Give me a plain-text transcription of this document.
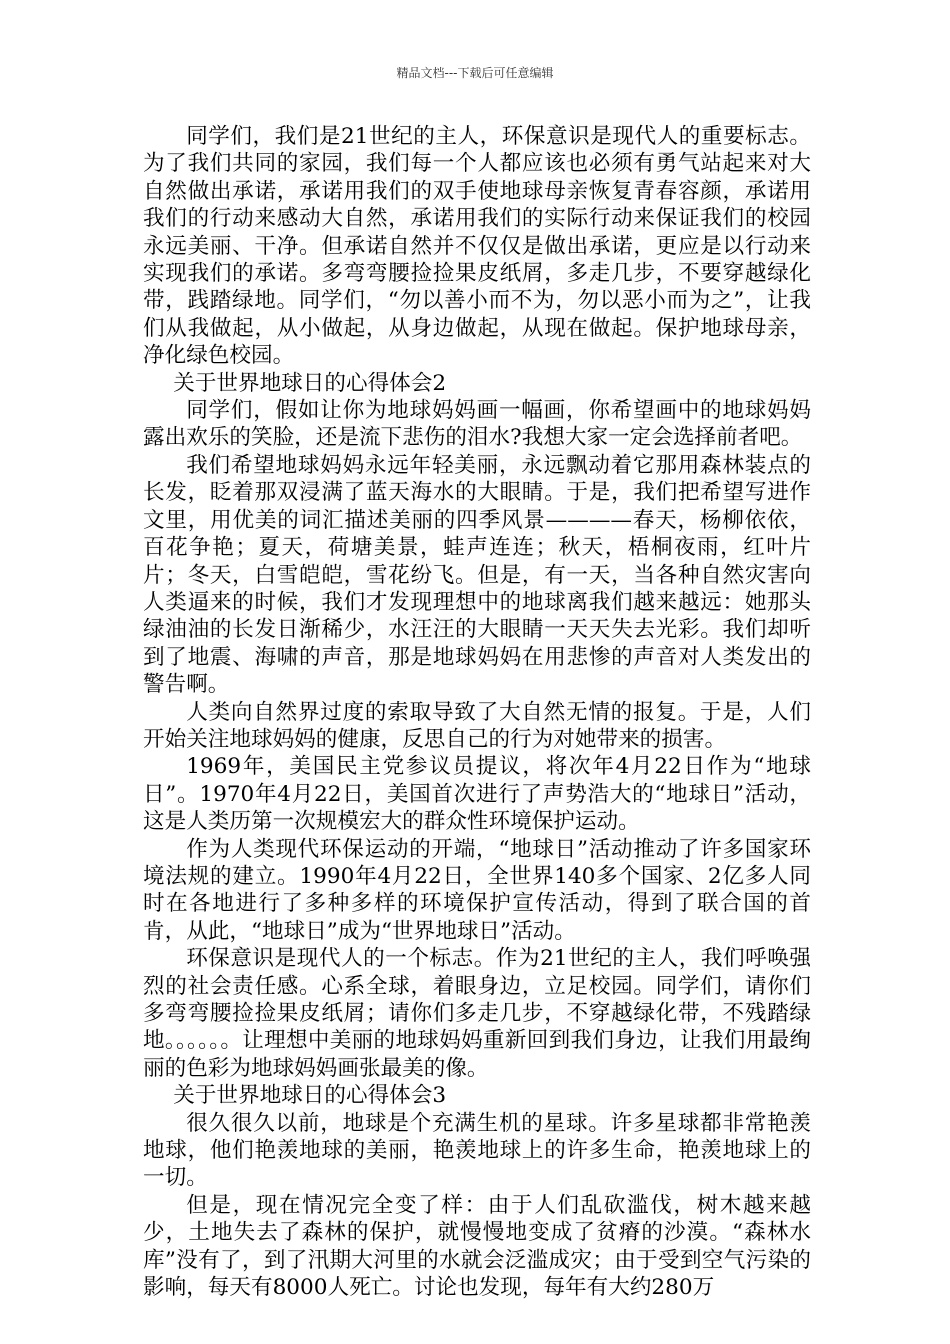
精品文档---下载后可任意编辑

同学们，我们是21世纪的主人，环保意识是现代人的重要标志。为了我们共同的家园，我们每一个人都应该也必须有勇气站起来对大自然做出承诺，承诺用我们的双手使地球母亲恢复青春容颜，承诺用我们的行动来感动大自然，承诺用我们的实际行动来保证我们的校园永远美丽、干净。但承诺自然并不仅仅是做出承诺，更应是以行动来实现我们的承诺。多弯弯腰捡捡果皮纸屑，多走几步，不要穿越绿化带，践踏绿地。同学们，“勿以善小而不为，勿以恶小而为之”，让我们从我做起，从小做起，从身边做起，从现在做起。保护地球母亲，净化绿色校园。

关于世界地球日的心得体会2

同学们，假如让你为地球妈妈画一幅画，你希望画中的地球妈妈露出欢乐的笑脸，还是流下悲伤的泪水?我想大家一定会选择前者吧。

我们希望地球妈妈永远年轻美丽，永远飘动着它那用森林装点的长发，眨着那双浸满了蓝天海水的大眼睛。于是，我们把希望写进作文里，用优美的词汇描述美丽的四季风景————春天，杨柳依依，百花争艳；夏天，荷塘美景，蛙声连连；秋天，梧桐夜雨，红叶片片；冬天，白雪皑皑，雪花纷飞。但是，有一天，当各种自然灾害向人类逼来的时候，我们才发现理想中的地球离我们越来越远：她那头绿油油的长发日渐稀少，水汪汪的大眼睛一天天失去光彩。我们却听到了地震、海啸的声音，那是地球妈妈在用悲惨的声音对人类发出的警告啊。

人类向自然界过度的索取导致了大自然无情的报复。于是，人们开始关注地球妈妈的健康，反思自己的行为对她带来的损害。

1969年，美国民主党参议员提议，将次年4月22日作为“地球日”。1970年4月22日，美国首次进行了声势浩大的“地球日”活动，这是人类历第一次规模宏大的群众性环境保护运动。

作为人类现代环保运动的开端，“地球日”活动推动了许多国家环境法规的建立。1990年4月22日，全世界140多个国家、2亿多人同时在各地进行了多种多样的环境保护宣传活动，得到了联合国的首肯，从此，“地球日”成为“世界地球日”活动。

环保意识是现代人的一个标志。作为21世纪的主人，我们呼唤强烈的社会责任感。心系全球，着眼身边，立足校园。同学们，请你们多弯弯腰捡捡果皮纸屑；请你们多走几步，不穿越绿化带，不残踏绿地。。。。。。让理想中美丽的地球妈妈重新回到我们身边，让我们用最绚丽的色彩为地球妈妈画张最美的像。

关于世界地球日的心得体会3

很久很久以前，地球是个充满生机的星球。许多星球都非常艳羡地球，他们艳羡地球的美丽，艳羡地球上的许多生命，艳羡地球上的一切。

但是，现在情况完全变了样：由于人们乱砍滥伐，树木越来越少，土地失去了森林的保护，就慢慢地变成了贫瘠的沙漠。“森林水库”没有了，到了汛期大河里的水就会泛滥成灾；由于受到空气污染的影响，每天有8000人死亡。讨论也发现，每年有大约280万
